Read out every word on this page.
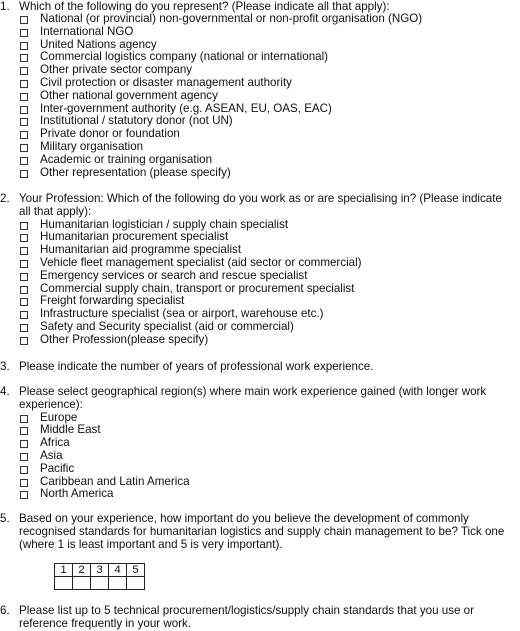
1. Which of the following do you represent? (Please indicate all that apply):
National (or provincial) non-governmental or non-profit organisation (NGO)
International NGO
United Nations agency
Commercial logistics company (national or international)
Other private sector company
Civil protection or disaster management authority
Other national government agency
Inter-government authority (e.g. ASEAN, EU, OAS, EAC)
Institutional / statutory donor (not UN)
Private donor or foundation
Military organisation
Academic or training organisation
Other representation (please specify)
2. Your Profession: Which of the following do you work as or are specialising in? (Please indicate all that apply):
Humanitarian logistician / supply chain specialist
Humanitarian procurement specialist
Humanitarian aid programme specialist
Vehicle fleet management specialist (aid sector or commercial)
Emergency services or search and rescue specialist
Commercial supply chain, transport or procurement specialist
Freight forwarding specialist
Infrastructure specialist (sea or airport, warehouse etc.)
Safety and Security specialist (aid or commercial)
Other Profession(please specify)
3. Please indicate the number of years of professional work experience.
4. Please select geographical region(s) where main work experience gained (with longer work experience):
Europe
Middle East
Africa
Asia
Pacific
Caribbean and Latin America
North America
5. Based on your experience, how important do you believe the development of commonly recognised standards for humanitarian logistics and supply chain management to be? Tick one (where 1 is least important and 5 is very important).
1	2	3	4	5

6. Please list up to 5 technical procurement/logistics/supply chain standards that you use or reference frequently in your work.
